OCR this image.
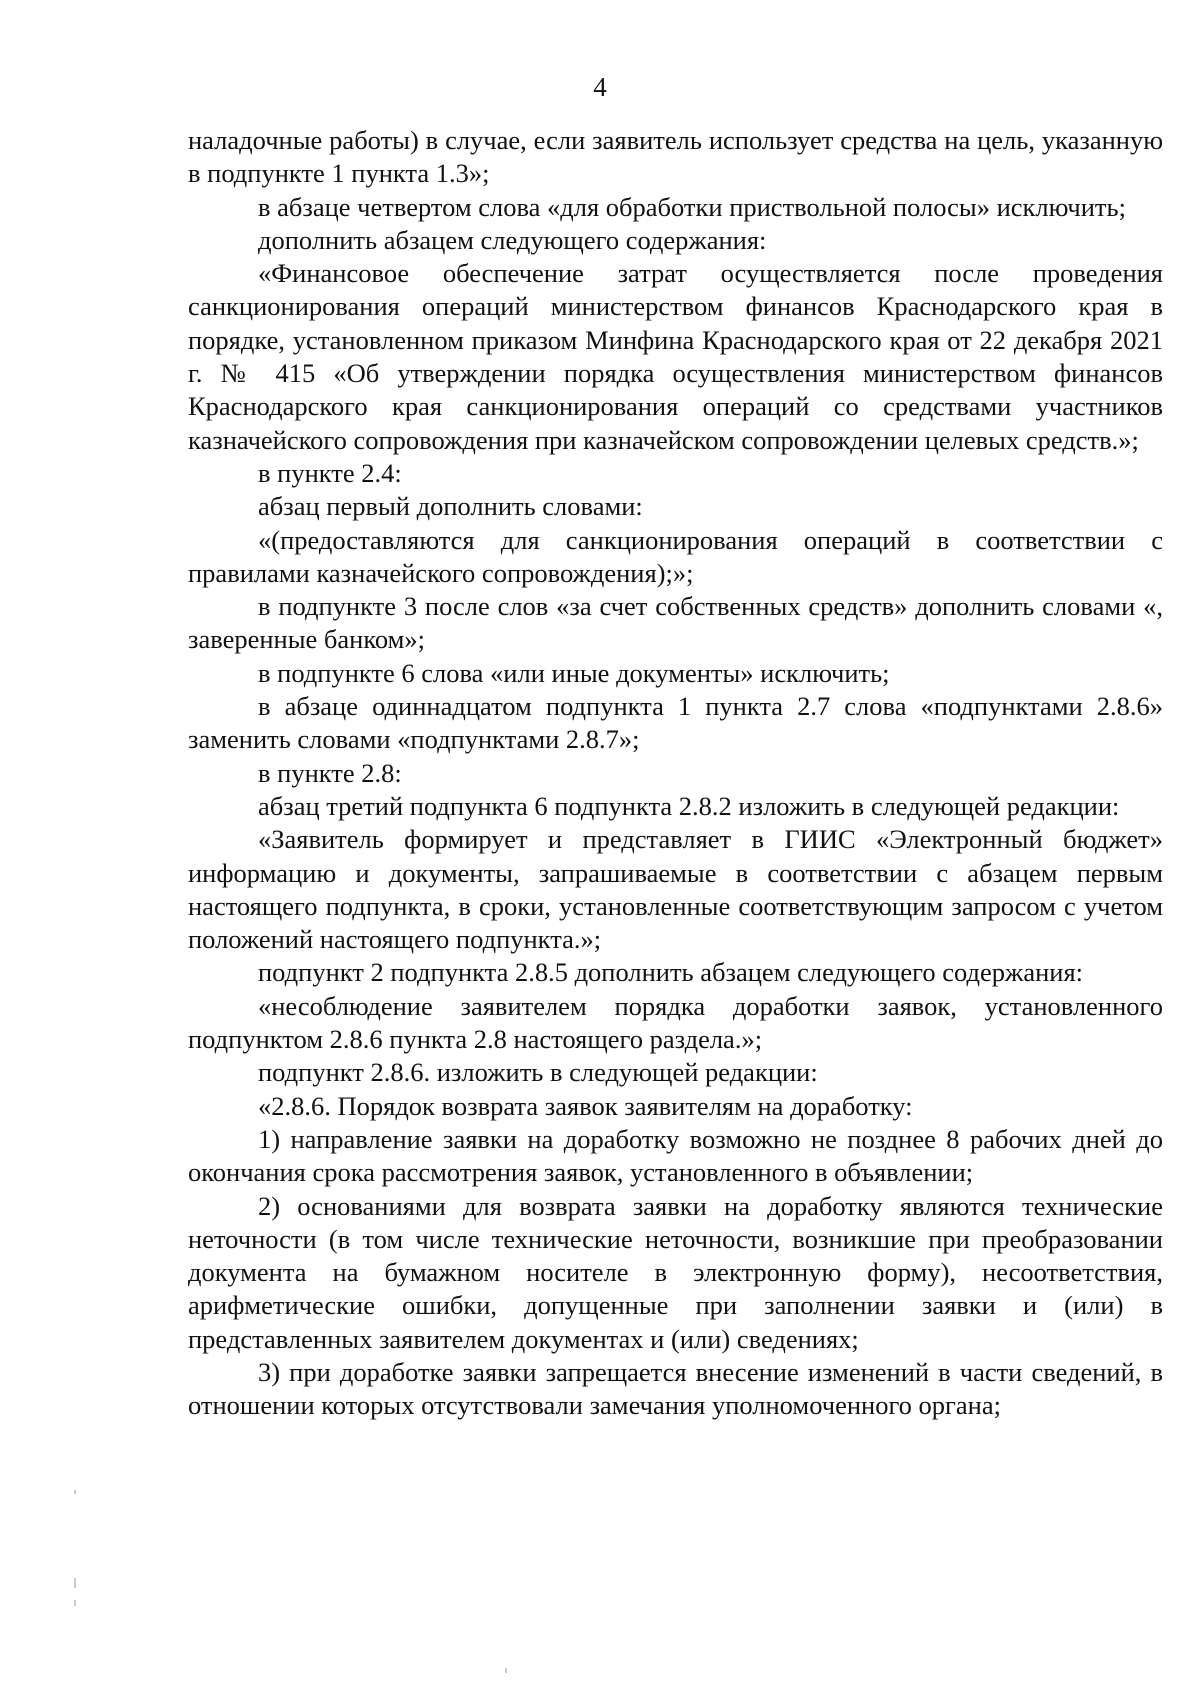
4

наладочные работы) в случае, если заявитель использует средства на цель, указанную в подпункте 1 пункта 1.3»;

в абзаце четвертом слова «для обработки приствольной полосы» исключить;

дополнить абзацем следующего содержания:

«Финансовое обеспечение затрат осуществляется после проведения санкционирования операций министерством финансов Краснодарского края в порядке, установленном приказом Минфина Краснодарского края от 22 декабря 2021 г. № 415 «Об утверждении порядка осуществления министерством финансов Краснодарского края санкционирования операций со средствами участников казначейского сопровождения при казначейском сопровождении целевых средств.»;

в пункте 2.4:

абзац первый дополнить словами:

«(предоставляются для санкционирования операций в соответствии с правилами казначейского сопровождения);»;

в подпункте 3 после слов «за счет собственных средств» дополнить словами «, заверенные банком»;

в подпункте 6 слова «или иные документы» исключить;

в абзаце одиннадцатом подпункта 1 пункта 2.7 слова «подпунктами 2.8.6» заменить словами «подпунктами 2.8.7»;

в пункте 2.8:

абзац третий подпункта 6 подпункта 2.8.2 изложить в следующей редакции:

«Заявитель формирует и представляет в ГИИС «Электронный бюджет» информацию и документы, запрашиваемые в соответствии с абзацем первым настоящего подпункта, в сроки, установленные соответствующим запросом с учетом положений настоящего подпункта.»;

подпункт 2 подпункта 2.8.5 дополнить абзацем следующего содержания:

«несоблюдение заявителем порядка доработки заявок, установленного подпунктом 2.8.6 пункта 2.8 настоящего раздела.»;

подпункт 2.8.6. изложить в следующей редакции:

«2.8.6. Порядок возврата заявок заявителям на доработку:

1) направление заявки на доработку возможно не позднее 8 рабочих дней до окончания срока рассмотрения заявок, установленного в объявлении;

2) основаниями для возврата заявки на доработку являются технические неточности (в том числе технические неточности, возникшие при преобразовании документа на бумажном носителе в электронную форму), несоответствия, арифметические ошибки, допущенные при заполнении заявки и (или) в представленных заявителем документах и (или) сведениях;

3) при доработке заявки запрещается внесение изменений в части сведений, в отношении которых отсутствовали замечания уполномоченного органа;
